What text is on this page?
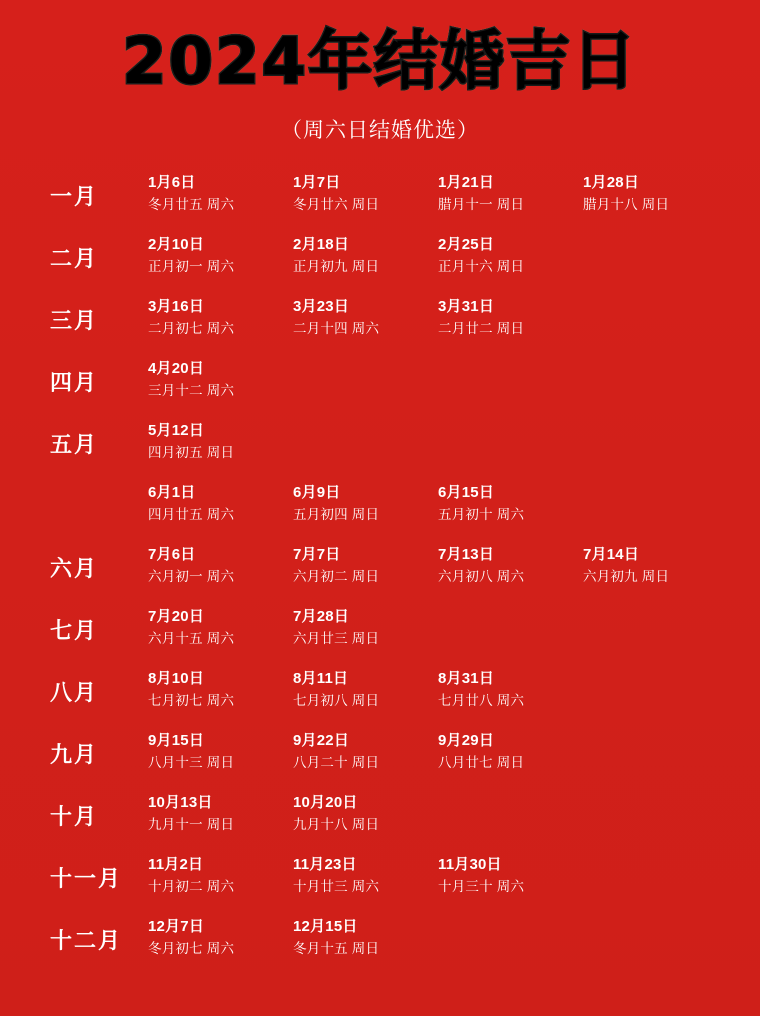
2024年结婚吉日
（周六日结婚优选）
一月
1月6日
冬月廿五 周六
1月7日
冬月廿六 周日
1月21日
腊月十一 周日
1月28日
腊月十八 周日
二月
2月10日
正月初一 周六
2月18日
正月初九 周日
2月25日
正月十六 周日
三月
3月16日
二月初七 周六
3月23日
二月十四 周六
3月31日
二月廿二 周日
四月
4月20日
三月十二 周六
五月
5月12日
四月初五 周日
6月1日
四月廿五 周六
6月9日
五月初四 周日
6月15日
五月初十 周六
六月
7月6日
六月初一 周六
7月7日
六月初二 周日
7月13日
六月初八 周六
7月14日
六月初九 周日
七月
7月20日
六月十五 周六
7月28日
六月廿三 周日
八月
8月10日
七月初七 周六
8月11日
七月初八 周日
8月31日
七月廿八 周六
九月
9月15日
八月十三 周日
9月22日
八月二十 周日
9月29日
八月廿七 周日
十月
10月13日
九月十一 周日
10月20日
九月十八 周日
十一月
11月2日
十月初二 周六
11月23日
十月廿三 周六
11月30日
十月三十 周六
十二月
12月7日
冬月初七 周六
12月15日
冬月十五 周日
